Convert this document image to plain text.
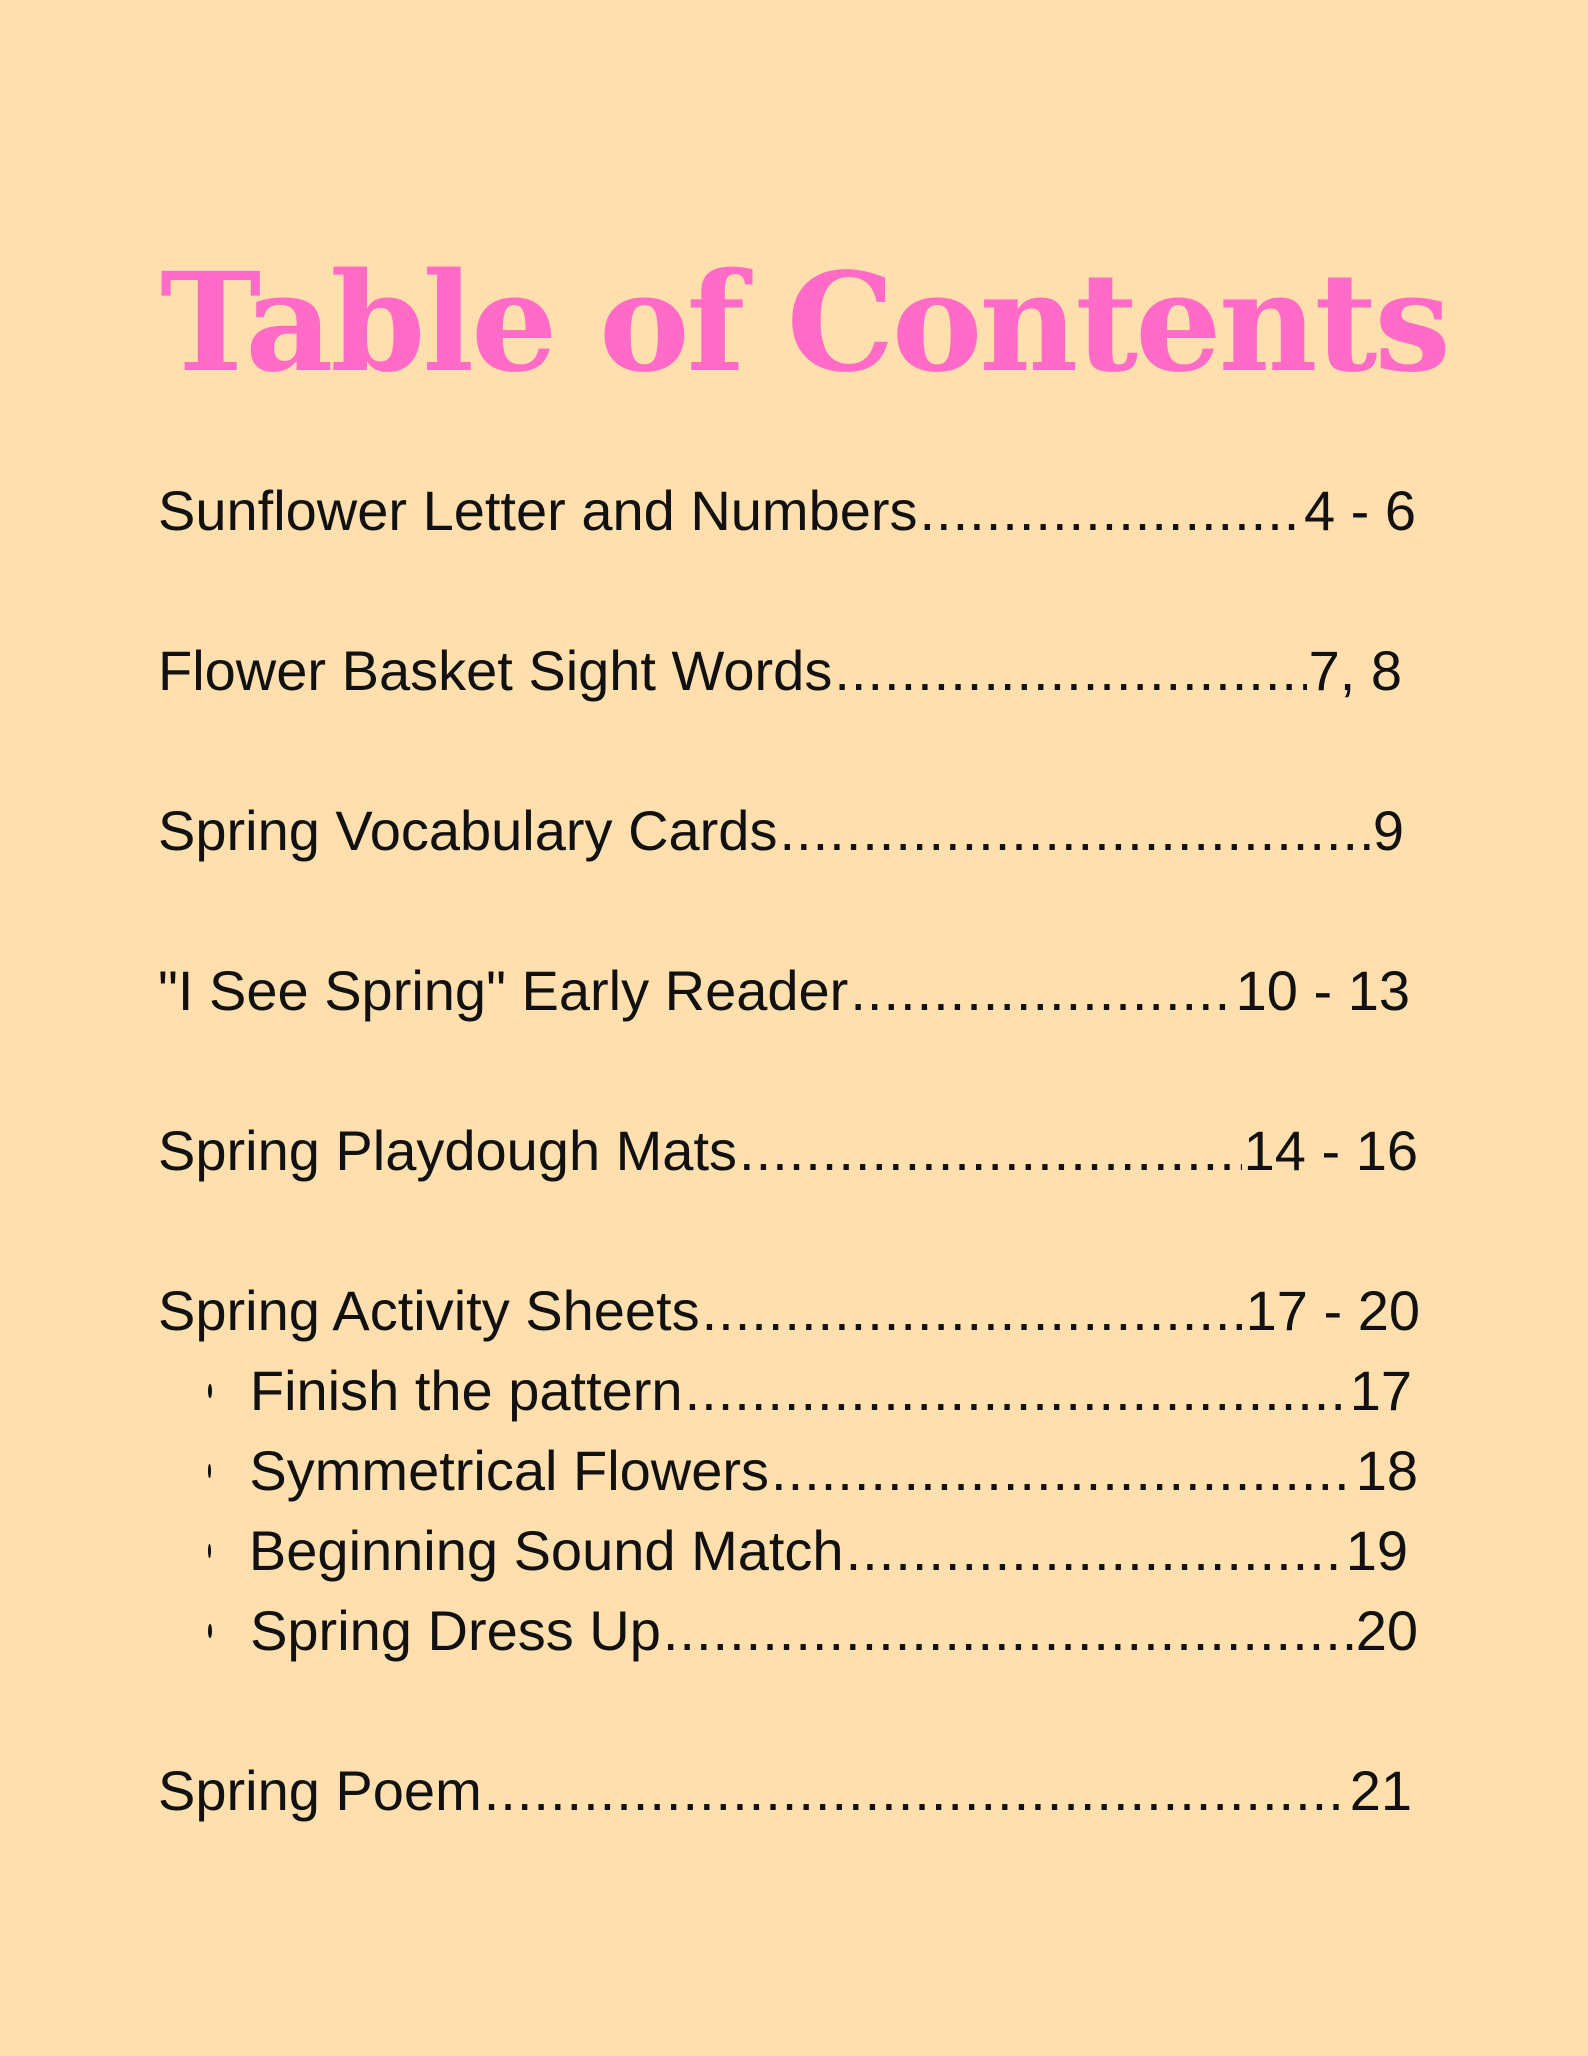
Table of Contents
Sunflower Letter and Numbers .....	4 - 6
Flower Basket Sight Words .....	7, 8
Spring Vocabulary Cards .....	9
"I See Spring" Early Reader .....	10 - 13
Spring Playdough Mats .....	14 - 16
Spring Activity Sheets .....	17 - 20
Finish the pattern .....	17
Symmetrical Flowers .....	18
Beginning Sound Match .....	19
Spring Dress Up .....	20
Spring Poem .....	21
